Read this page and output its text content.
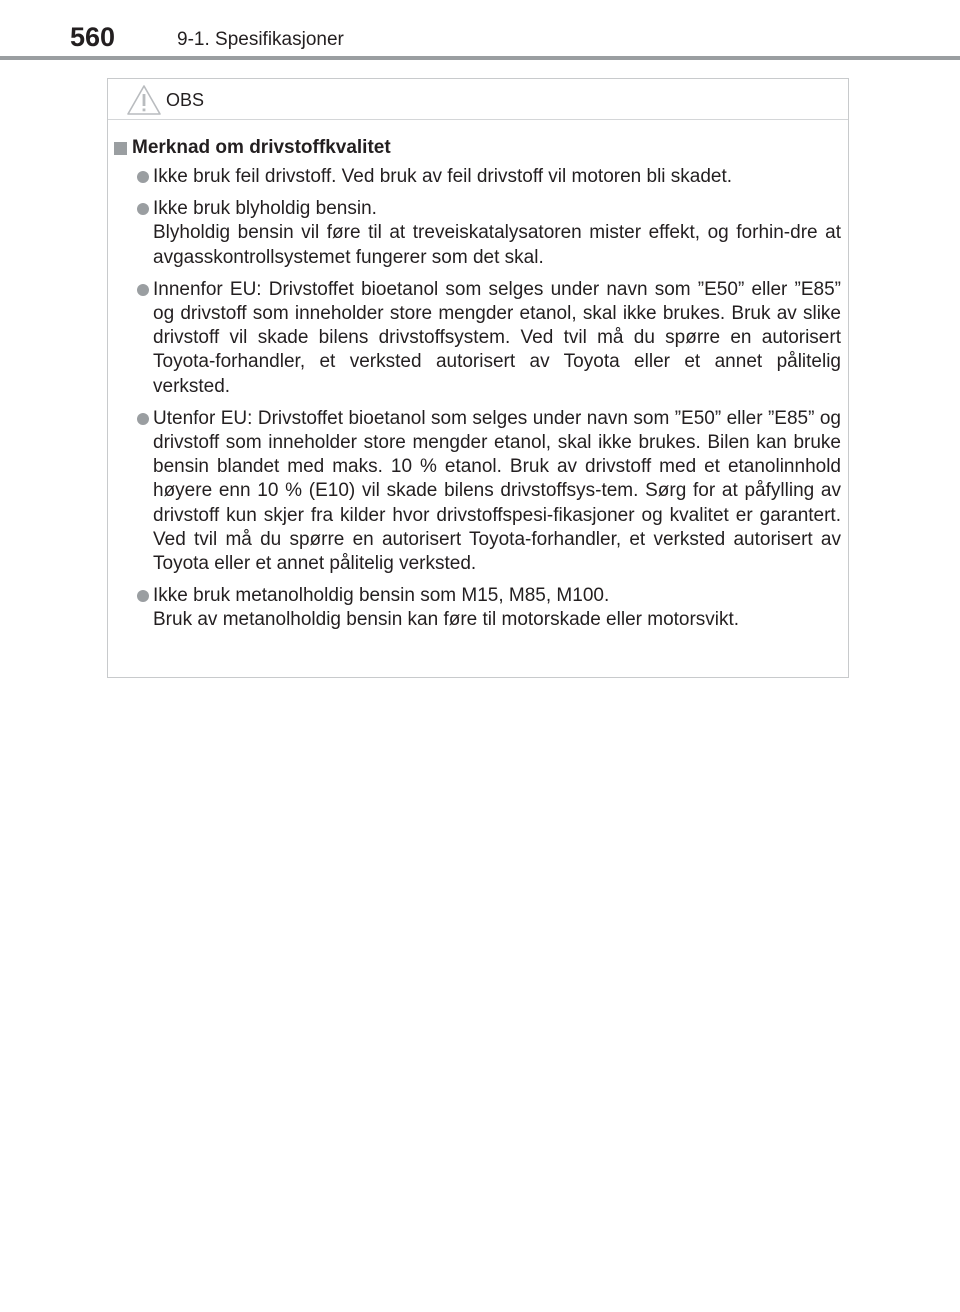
560	9-1. Spesifikasjoner
OBS
Merknad om drivstoffkvalitet
Ikke bruk feil drivstoff. Ved bruk av feil drivstoff vil motoren bli skadet.
Ikke bruk blyholdig bensin.
Blyholdig bensin vil føre til at treveiskatalysatoren mister effekt, og forhin-dre at avgasskontrollsystemet fungerer som det skal.
Innenfor EU: Drivstoffet bioetanol som selges under navn som ”E50” eller ”E85” og drivstoff som inneholder store mengder etanol, skal ikke brukes. Bruk av slike drivstoff vil skade bilens drivstoffsystem. Ved tvil må du spørre en autorisert Toyota-forhandler, et verksted autorisert av Toyota eller et annet pålitelig verksted.
Utenfor EU: Drivstoffet bioetanol som selges under navn som ”E50” eller ”E85” og drivstoff som inneholder store mengder etanol, skal ikke brukes. Bilen kan bruke bensin blandet med maks. 10 % etanol. Bruk av drivstoff med et etanolinnhold høyere enn 10 % (E10) vil skade bilens drivstoffsys-tem. Sørg for at påfylling av drivstoff kun skjer fra kilder hvor drivstoffspesi-fikasjoner og kvalitet er garantert. Ved tvil må du spørre en autorisert Toyota-forhandler, et verksted autorisert av Toyota eller et annet pålitelig verksted.
Ikke bruk metanolholdig bensin som M15, M85, M100.
Bruk av metanolholdig bensin kan føre til motorskade eller motorsvikt.
